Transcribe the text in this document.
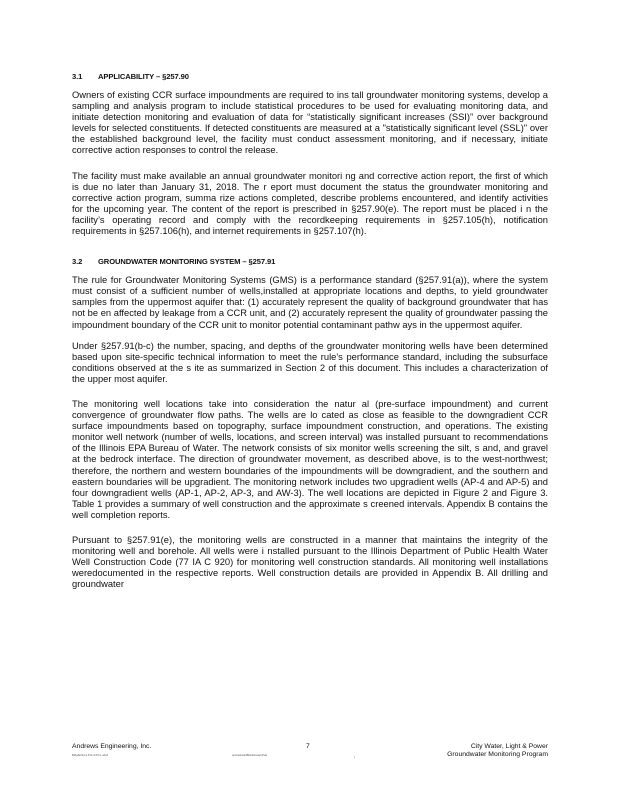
3.1 APPLICABILITY – §257.90

Owners of existing CCR surface impoundments are required to ins tall groundwater monitoring systems, develop a sampling and analysis program to include statistical procedures to be used for evaluating monitoring data, and initiate detection monitoring and evaluation of data for “statistically significant increases (SSI)” over background levels for selected constituents. If detected constituents are measured at a "statistically significant level (SSL)" over the established background level, the facility must conduct assessment monitoring, and if necessary, initiate corrective action responses to control the release.

The facility must make available an annual groundwater monitori ng and corrective action report, the first of which is due no later than January 31, 2018. The r eport must document the status the groundwater monitoring and corrective action program, summa rize actions completed, describe problems encountered, and identify activities for the upcoming year. The content of the report is prescribed in §257.90(e). The report must be placed i n the facility’s operating record and comply with the recordkeeping requirements in §257.105(h), notification requirements in §257.106(h), and internet requirements in §257.107(h).

3.2 GROUNDWATER MONITORING SYSTEM – §257.91

The rule for Groundwater Monitoring Systems (GMS) is a performance standard (§257.91(a)), where the system must consist of a sufficient number of wells,installed at appropriate locations and depths, to yield groundwater samples from the uppermost aquifer that: (1) accurately represent the quality of background groundwater that has not be en affected by leakage from a CCR unit, and (2) accurately represent the quality of groundwater passing the impoundment boundary of the CCR unit to monitor potential contaminant pathw ays in the uppermost aquifer.

Under §257.91(b-c) the number, spacing, and depths of the groundwater monitoring wells have been determined based upon site-specific technical information to meet the rule's performance standard, including the subsurface conditions observed at the s ite as summarized in Section 2 of this document. This includes a characterization of the upper most aquifer.

The monitoring well locations take into consideration the natur al (pre-surface impoundment) and current convergence of groundwater flow paths. The wells are lo cated as close as feasible to the downgradient CCR surface impoundments based on topography, surface impoundment construction, and operations. The existing monitor well network (number of wells, locations, and screen interval) was installed pursuant to recommendations of the Illinois EPA Bureau of Water. The network consists of six monitor wells screening the silt, s and, and gravel at the bedrock interface. The direction of groundwater movement, as described above, is to the west-northwest; therefore, the northern and western boundaries of the impoundments will be downgradient, and the southern and eastern boundaries will be upgradient. The monitoring network includes two upgradient wells (AP-4 and AP-5) and four downgradient wells (AP-1, AP-2, AP-3, and AW-3). The well locations are depicted in Figure 2 and Figure 3. Table 1 provides a summary of well construction and the approximate s creened intervals. Appendix B contains the well completion reports.

Pursuant to §257.91(e), the monitoring wells are constructed in a manner that maintains the integrity of the monitoring well and borehole. All wells were i nstalled pursuant to the Illinois Department of Public Health Water Well Construction Code (77 IA C 920) for monitoring well construction standards. All monitoring well installations weredocumented in the respective reports. Well construction details are provided in Appendix B. All drilling and groundwater

Andrews Engineering, Inc.
Bldg/E01/1k.Pr0-4/1Tcc.udsd
7
spcCasticsk0BstokbvsekvPsqt	|
City Water, Light & Power
Groundwater Monitoring Program
